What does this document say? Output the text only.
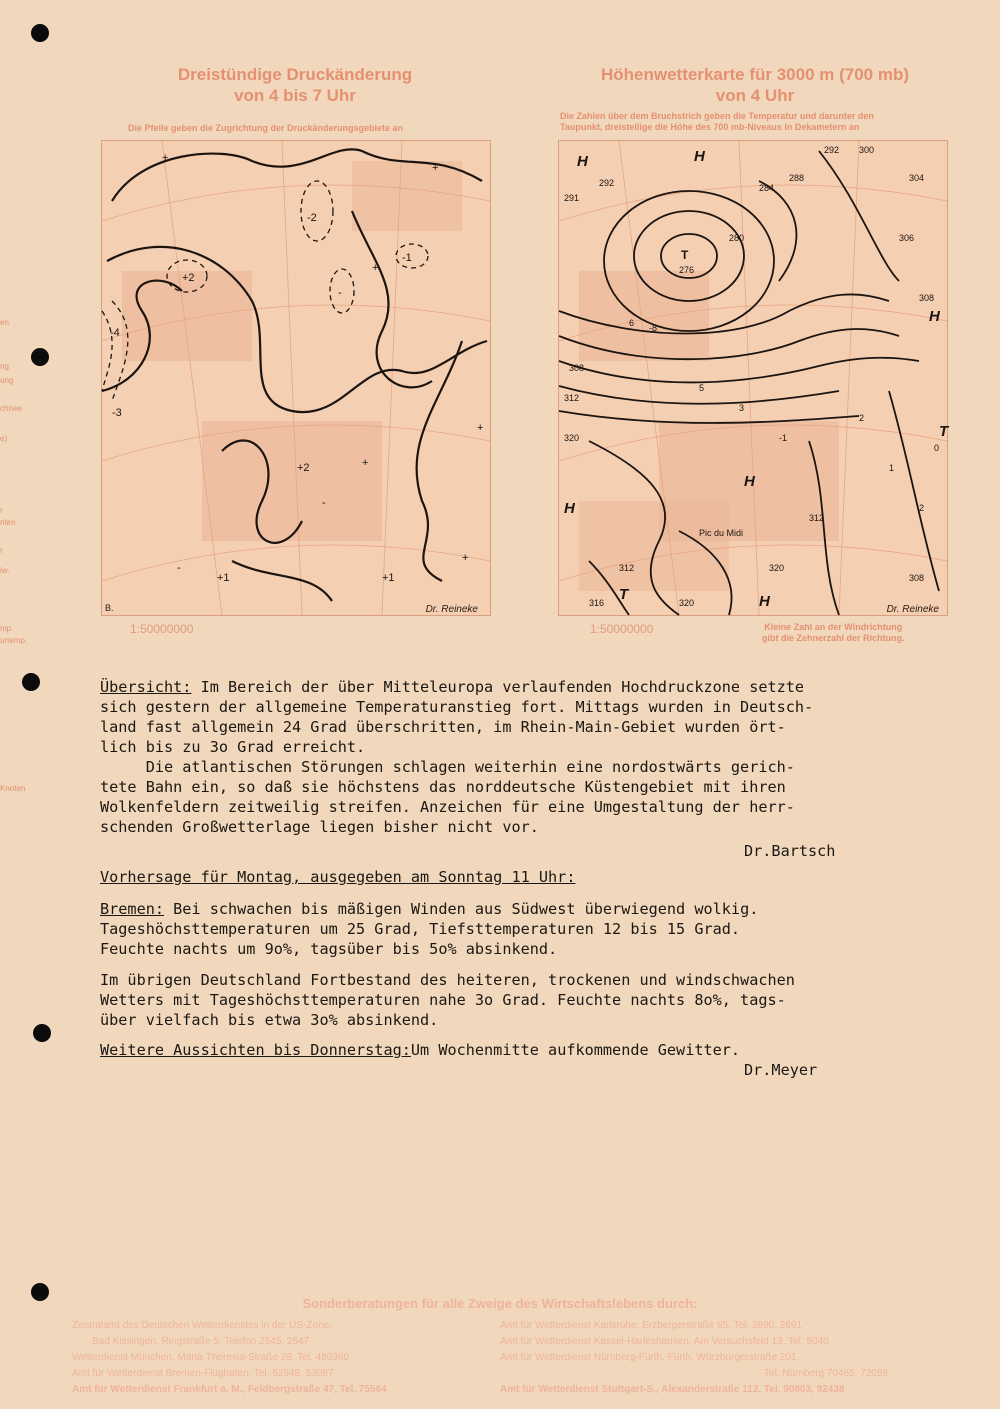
en
ng
ung
chnee
e)
r
nten
r
iw.
mp.
urtemp.
Knoten
Dreistündige Druckänderung
von 4 bis 7 Uhr
Die Pfeile geben die Zugrichtung der Druckänderungsgebiete an
+2
-2
-
-1
-4
-3
+
+
+
+
+
+
+1
+2
-
-
+1
B.	Dr. Reineke
1:50000000
Höhenwetterkarte für 3000 m (700 mb)
von 4 Uhr
Die Zahlen über dem Bruchstrich geben die Temperatur und darunter den
Taupunkt, dreistellige die Höhe des 700 mb-Niveaus in Dekametern an
T
276
280
284
288
292 300
292
291
304
306
308
308
312
320
312
Pic du Midi
312
316	320
320
308
6 -8
5
3
-1
2
1
0
2
H	H
H
H
H
H
T
T
Dr. Reineke
1:50000000	Kleine Zahl an der Windrichtung
gibt die Zehnerzahl der Richtung.
Übersicht: Im Bereich der über Mitteleuropa verlaufenden Hochdruckzone setzte
sich gestern der allgemeine Temperaturanstieg fort. Mittags wurden in Deutsch-
land fast allgemein 24 Grad überschritten, im Rhein-Main-Gebiet wurden ört-
lich bis zu 3o Grad erreicht.
Die atlantischen Störungen schlagen weiterhin eine nordostwärts gerich-
tete Bahn ein, so daß sie höchstens das norddeutsche Küstengebiet mit ihren
Wolkenfeldern zeitweilig streifen. Anzeichen für eine Umgestaltung der herr-
schenden Großwetterlage liegen bisher nicht vor.
Dr.Bartsch
Vorhersage für Montag, ausgegeben am Sonntag 11 Uhr:
Bremen: Bei schwachen bis mäßigen Winden aus Südwest überwiegend wolkig.
Tageshöchsttemperaturen um 25 Grad, Tiefsttemperaturen 12 bis 15 Grad.
Feuchte nachts um 9o%, tagsüber bis 5o% absinkend.
Im übrigen Deutschland Fortbestand des heiteren, trockenen und windschwachen
Wetters mit Tageshöchsttemperaturen nahe 3o Grad. Feuchte nachts 8o%, tags-
über vielfach bis etwa 3o% absinkend.
Weitere Aussichten bis Donnerstag:Um Wochenmitte aufkommende Gewitter.
Dr.Meyer
Sonderberatungen für alle Zweige des Wirtschaftslebens durch:
Zentralamt des Deutschen Wetterdienstes in der US-Zone,
Bad Kissingen, Ringstraße 5, Telefon 2545, 2547
Wetterdienst München, Maria-Theresia-Straße 28, Tel. 480360
Amt für Wetterdienst Bremen-Flughafen, Tel. 52948, 53087
Amt für Wetterdienst Frankfurt a. M., Feldbergstraße 47, Tel. 75564
Amt für Wetterdienst Karlsruhe, Erzbergerstraße 85, Tel. 2690, 2691
Amt für Wetterdienst Kassel-Harleshausen, Am Versuchsfeld 13, Tel. 5040
Amt für Wetterdienst Nürnberg-Fürth, Fürth, Würzburgerstraße 201,
Tel. Nürnberg 70465, 72058
Amt für Wetterdienst Stuttgart-S., Alexanderstraße 112, Tel. 90803, 92438
